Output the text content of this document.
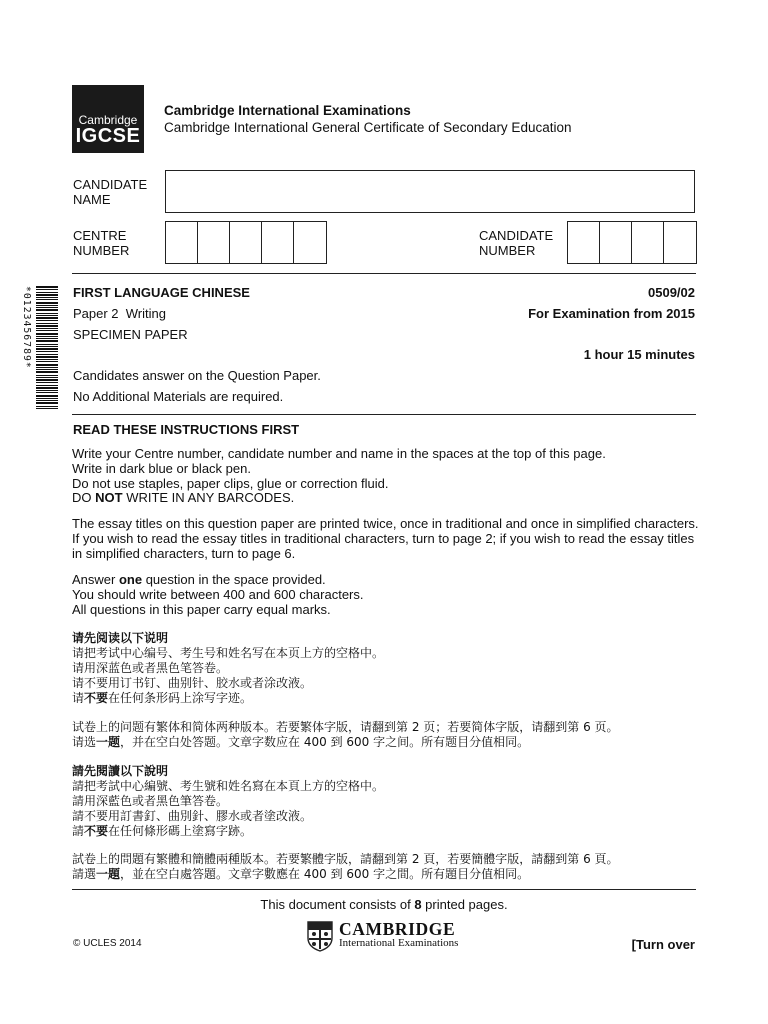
Cambridge
IGCSE
Cambridge International Examinations
Cambridge International General Certificate of Secondary Education
CANDIDATE
NAME
CENTRE
NUMBER
CANDIDATE
NUMBER
*0123456789*	FIRST LANGUAGE CHINESE	0509/02
Paper 2  Writing	For Examination from 2015
SPECIMEN PAPER
1 hour 15 minutes
Candidates answer on the Question Paper.
No Additional Materials are required.
READ THESE INSTRUCTIONS FIRST
Write your Centre number, candidate number and name in the spaces at the top of this page.
Write in dark blue or black pen.
Do not use staples, paper clips, glue or correction fluid.
DO NOT WRITE IN ANY BARCODES.
The essay titles on this question paper are printed twice, once in traditional and once in simplified characters.
If you wish to read the essay titles in traditional characters, turn to page 2; if you wish to read the essay titles
in simplified characters, turn to page 6.
Answer one question in the space provided.
You should write between 400 and 600 characters.
All questions in this paper carry equal marks.
请先阅读以下说明
请把考试中心编号、考生号和姓名写在本页上方的空格中。
请用深蓝色或者黑色笔答卷。
请不要用订书钉、曲别针、胶水或者涂改液。
请不要在任何条形码上涂写字迹。
试卷上的问题有繁体和简体两种版本。若要繁体字版，请翻到第 2 页；若要简体字版，请翻到第 6 页。
请选一题，并在空白处答题。文章字数应在 400 到 600 字之间。所有题目分值相同。
請先閱讀以下說明
請把考試中心編號、考生號和姓名寫在本頁上方的空格中。
請用深藍色或者黑色筆答卷。
請不要用訂書釘、曲別針、膠水或者塗改液。
請不要在任何條形碼上塗寫字跡。
試卷上的問題有繁體和簡體兩種版本。若要繁體字版，請翻到第 2 頁，若要簡體字版，請翻到第 6 頁。
請選一題，並在空白處答題。文章字數應在 400 到 600 字之間。所有題目分值相同。
This document consists of 8 printed pages.
© UCLES 2014
CAMBRIDGE
International Examinations	[Turn over
